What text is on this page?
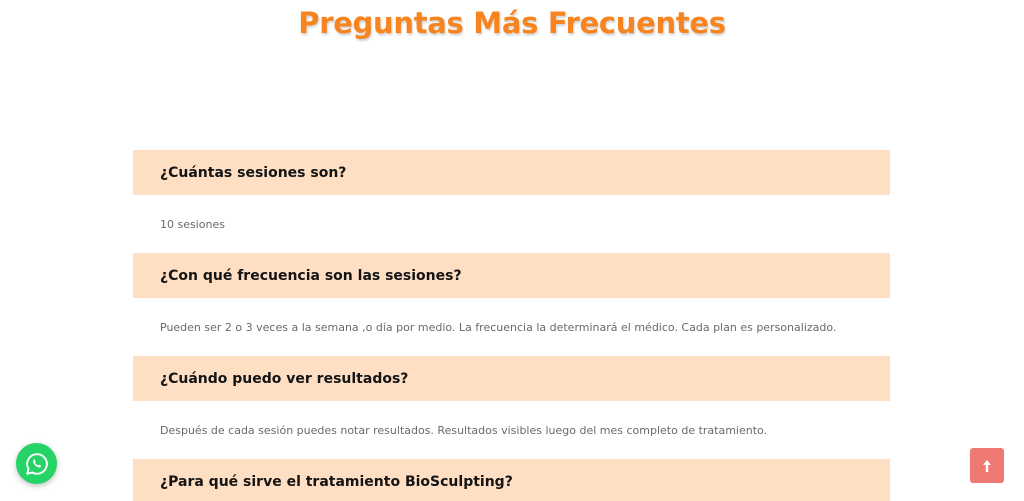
Preguntas Más Frecuentes
¿Cuántas sesiones son?
10 sesiones
¿Con qué frecuencia son las sesiones?
Pueden ser 2 o 3 veces a la semana ,o día por medio. La frecuencia la determinará el médico. Cada plan es personalizado.
¿Cuándo puedo ver resultados?
Después de cada sesión puedes notar resultados. Resultados visibles luego del mes completo de tratamiento.
¿Para qué sirve el tratamiento BioSculpting?
